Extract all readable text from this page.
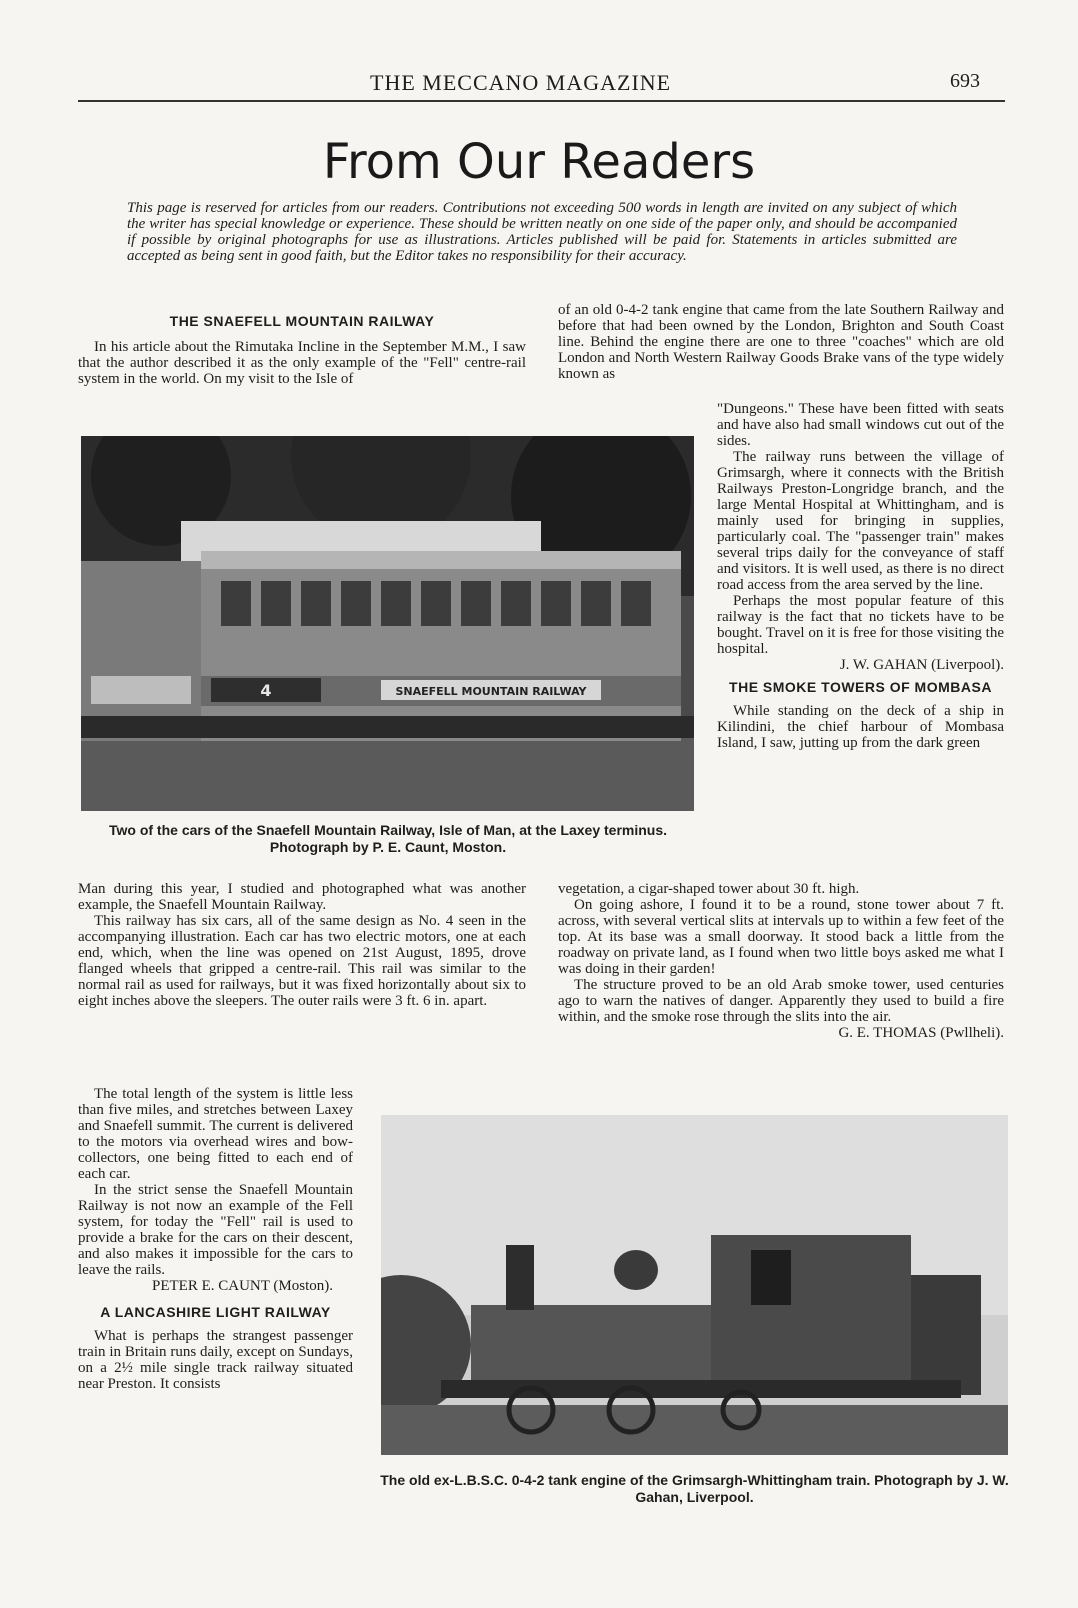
THE MECCANO MAGAZINE	693
From Our Readers
This page is reserved for articles from our readers. Contributions not exceeding 500 words in length are invited on any subject of which the writer has special knowledge or experience. These should be written neatly on one side of the paper only, and should be accompanied if possible by original photographs for use as illustrations. Articles published will be paid for. Statements in articles submitted are accepted as being sent in good faith, but the Editor takes no responsibility for their accuracy.
THE SNAEFELL MOUNTAIN RAILWAY

In his article about the Rimutaka Incline in the September M.M., I saw that the author described it as the only example of the "Fell" centre-rail system in the world. On my visit to the Isle of

of an old 0-4-2 tank engine that came from the late Southern Railway and before that had been owned by the London, Brighton and South Coast line. Behind the engine there are one to three "coaches" which are old London and North Western Railway Goods Brake vans of the type widely known as

4	SNAEFELL MOUNTAIN RAILWAY

"Dungeons." These have been fitted with seats and have also had small windows cut out of the sides.

The railway runs between the village of Grimsargh, where it connects with the British Railways Preston-Longridge branch, and the large Mental Hospital at Whittingham, and is mainly used for bringing in supplies, particularly coal. The "passenger train" makes several trips daily for the conveyance of staff and visitors. It is well used, as there is no direct road access from the area served by the line.

Perhaps the most popular feature of this railway is the fact that no tickets have to be bought. Travel on it is free for those visiting the hospital.

J. W. GAHAN (Liverpool).

THE SMOKE TOWERS OF MOMBASA

While standing on the deck of a ship in Kilindini, the chief harbour of Mombasa Island, I saw, jutting up from the dark green

Two of the cars of the Snaefell Mountain Railway, Isle of Man, at the Laxey terminus. Photograph by P. E. Caunt, Moston.

Man during this year, I studied and photographed what was another example, the Snaefell Mountain Railway.

This railway has six cars, all of the same design as No. 4 seen in the accompanying illustration. Each car has two electric motors, one at each end, which, when the line was opened on 21st August, 1895, drove flanged wheels that gripped a centre-rail. This rail was similar to the normal rail as used for railways, but it was fixed horizontally about six to eight inches above the sleepers. The outer rails were 3 ft. 6 in. apart.

vegetation, a cigar-shaped tower about 30 ft. high.

On going ashore, I found it to be a round, stone tower about 7 ft. across, with several vertical slits at intervals up to within a few feet of the top. At its base was a small doorway. It stood back a little from the roadway on private land, as I found when two little boys asked me what I was doing in their garden!

The structure proved to be an old Arab smoke tower, used centuries ago to warn the natives of danger. Apparently they used to build a fire within, and the smoke rose through the slits into the air.

G. E. THOMAS (Pwllheli).

The total length of the system is little less than five miles, and stretches between Laxey and Snaefell summit. The current is delivered to the motors via overhead wires and bow-collectors, one being fitted to each end of each car.

In the strict sense the Snaefell Mountain Railway is not now an example of the Fell system, for today the "Fell" rail is used to provide a brake for the cars on their descent, and also makes it impossible for the cars to leave the rails.

PETER E. CAUNT (Moston).

A LANCASHIRE LIGHT RAILWAY

What is perhaps the strangest passenger train in Britain runs daily, except on Sundays, on a 2½ mile single track railway situated near Preston. It consists

The old ex-L.B.S.C. 0-4-2 tank engine of the Grimsargh-Whittingham train. Photograph by J. W. Gahan, Liverpool.
